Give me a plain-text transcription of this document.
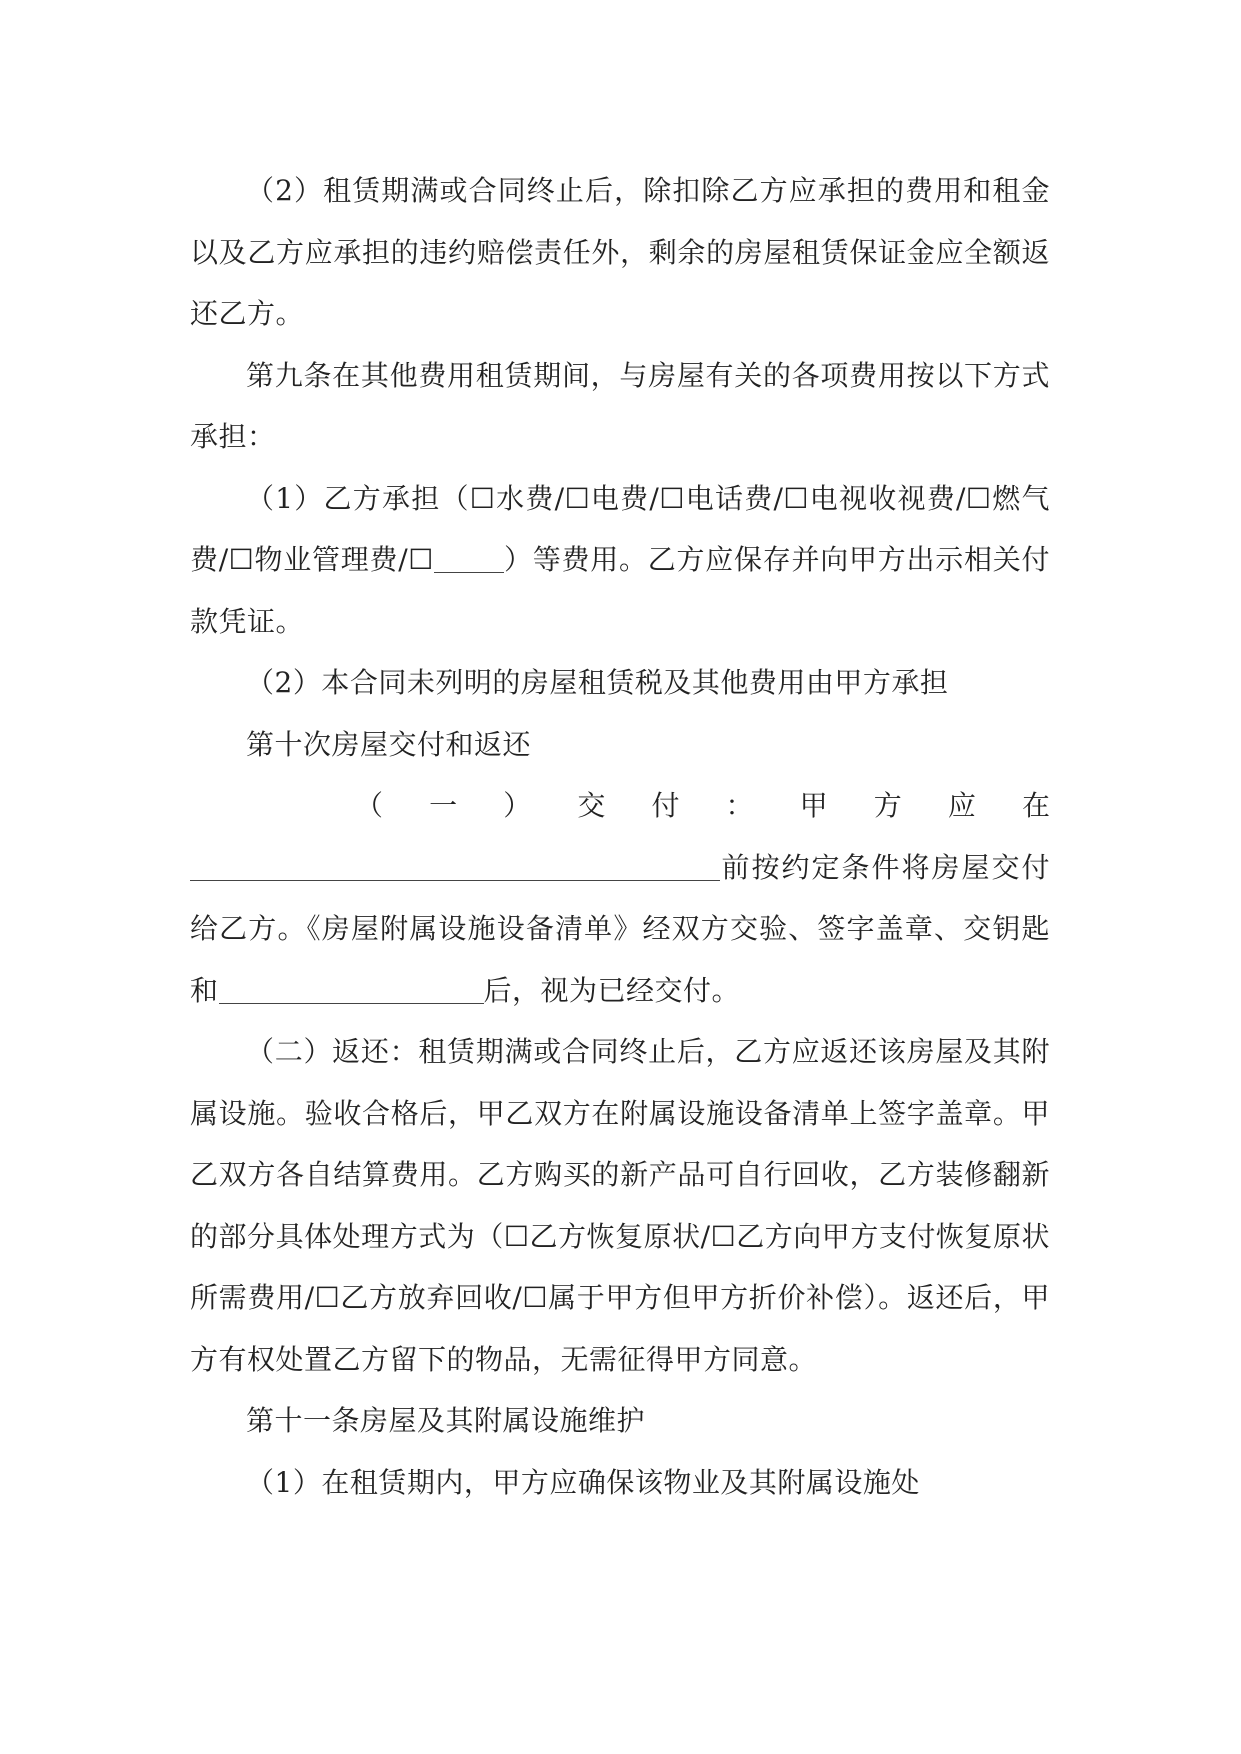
（2）租赁期满或合同终止后，除扣除乙方应承担的费用和租金以及乙方应承担的违约赔偿责任外，剩余的房屋租赁保证金应全额返还乙方。

第九条在其他费用租赁期间，与房屋有关的各项费用按以下方式承担：

（1）乙方承担（☐水费/☐电费/☐电话费/☐电视收视费/☐燃气费/☐物业管理费/☐	）等费用。乙方应保存并向甲方出示相关付款凭证。

（2）本合同未列明的房屋租赁税及其他费用由甲方承担

第十次房屋交付和返还

（ 一 ） 交 付 ： 甲 方 应 在

前按约定条件将房屋交付给乙方。《房屋附属设施设备清单》经双方交验、签字盖章、交钥匙和	后，视为已经交付。

（二）返还：租赁期满或合同终止后，乙方应返还该房屋及其附属设施。验收合格后，甲乙双方在附属设施设备清单上签字盖章。甲乙双方各自结算费用。乙方购买的新产品可自行回收，乙方装修翻新的部分具体处理方式为（☐乙方恢复原状/☐乙方向甲方支付恢复原状所需费用/☐乙方放弃回收/☐属于甲方但甲方折价补偿）。返还后，甲方有权处置乙方留下的物品，无需征得甲方同意。

第十一条房屋及其附属设施维护

（1）在租赁期内，甲方应确保该物业及其附属设施处
